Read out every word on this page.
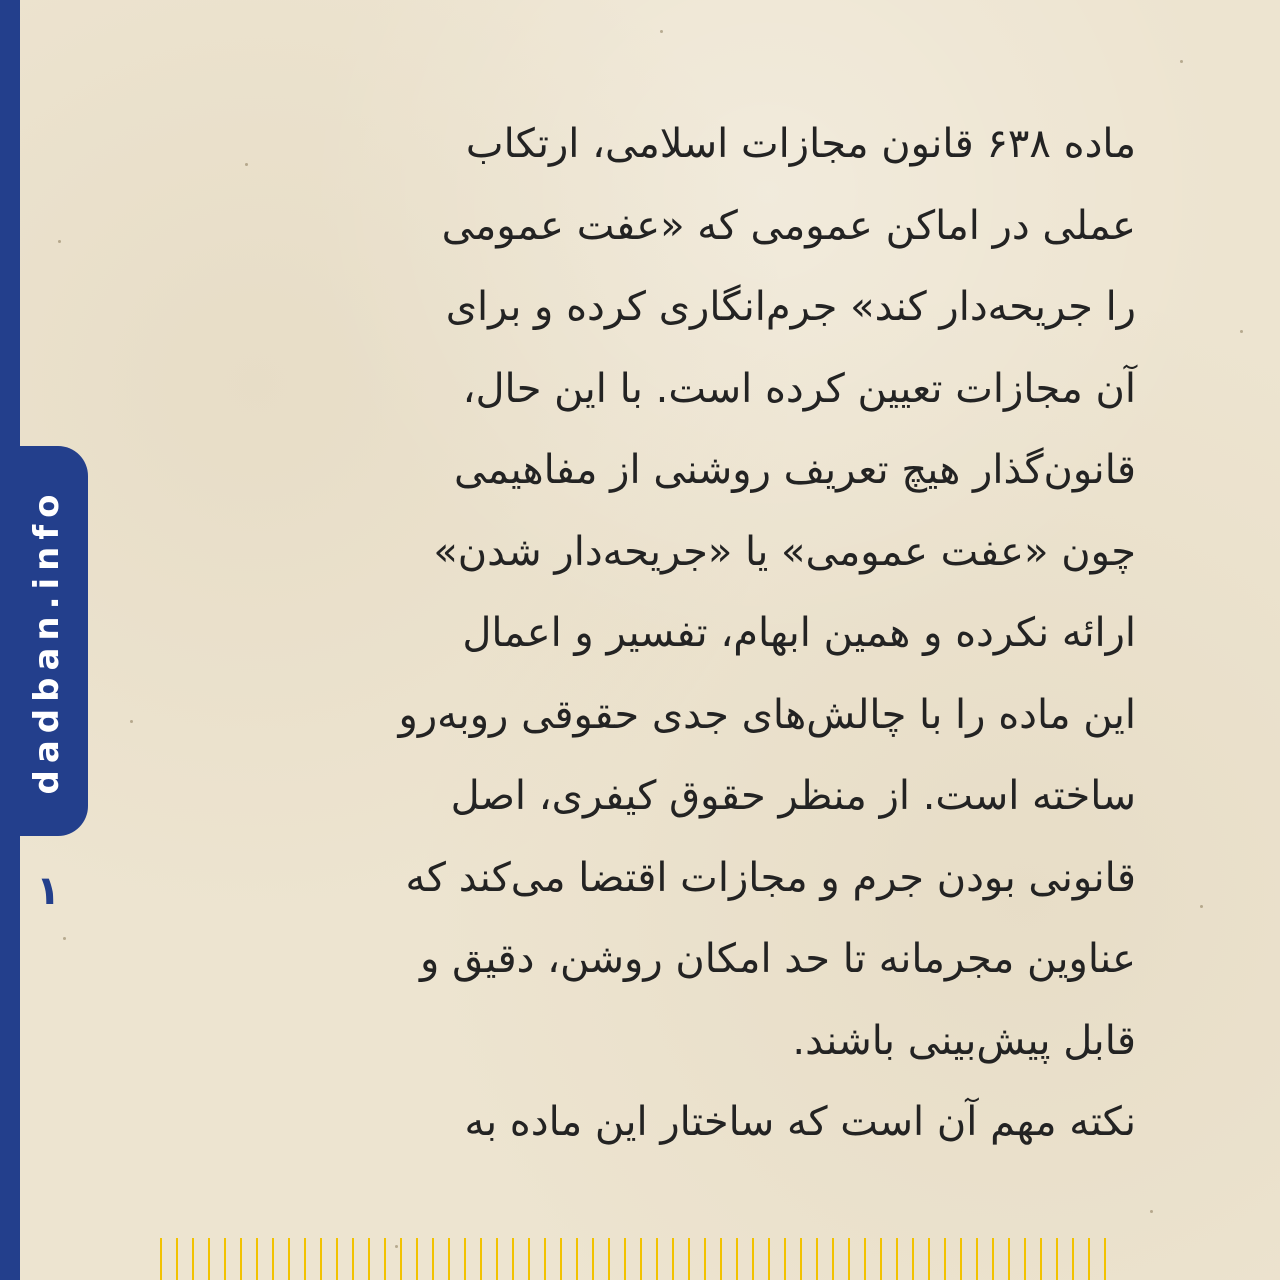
dadban.info
۱
ماده ۶۳۸ قانون مجازات اسلامی، ارتکاب
عملی در اماکن عمومی که «عفت عمومی
را جریحه‌دار کند» جرم‌انگاری کرده و برای
آن مجازات تعیین کرده است. با این حال،
قانون‌گذار هیچ تعریف روشنی از مفاهیمی
چون «عفت عمومی» یا «جریحه‌دار شدن»
ارائه نکرده و همین ابهام، تفسیر و اعمال
این ماده را با چالش‌های جدی حقوقی روبه‌رو
ساخته است. از منظر حقوق کیفری، اصل
قانونی بودن جرم و مجازات اقتضا می‌کند که
عناوین مجرمانه تا حد امکان روشن، دقیق و
قابل پیش‌بینی باشند.
نکته مهم آن است که ساختار این ماده به
